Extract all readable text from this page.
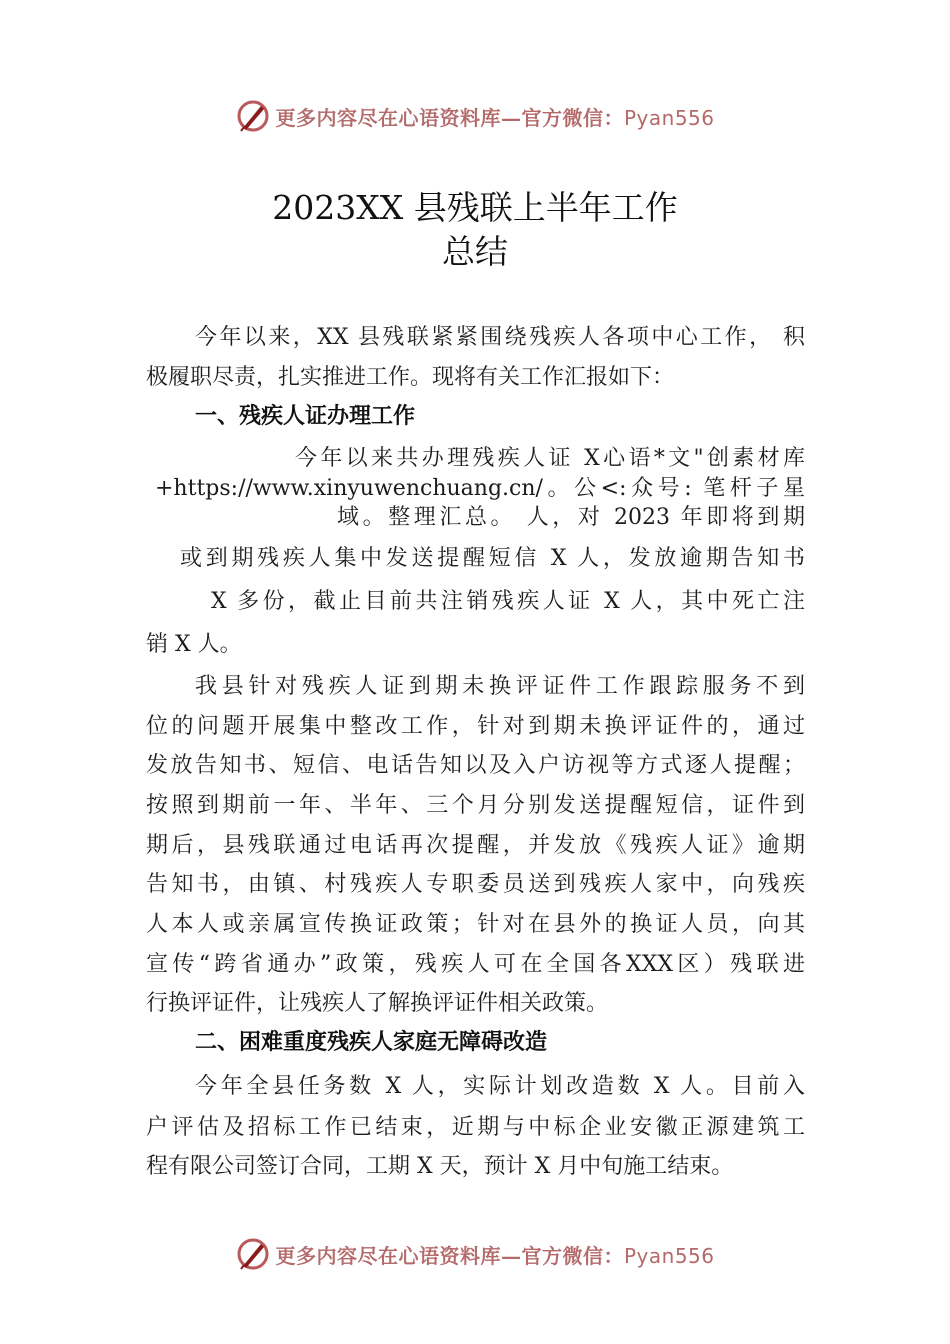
更多内容尽在心语资料库—官方微信：Pyan556
2023XX 县残联上半年工作
总结
今年以来，XX 县残联紧紧围绕残疾人各项中心工作， 积
极履职尽责，扎实推进工作。现将有关工作汇报如下：
一、残疾人证办理工作
今年以来共办理残疾人证 X心语*文"创素材库
+https://www.xinyuwenchuang.cn/。公<:众号: 笔杆子星
域。整理汇总。 人，对 2023 年即将到期
或到期残疾人集中发送提醒短信 X 人，发放逾期告知书
X 多份，截止目前共注销残疾人证 X 人，其中死亡注
销 X 人。
我县针对残疾人证到期未换评证件工作跟踪服务不到
位的问题开展集中整改工作，针对到期未换评证件的，通过
发放告知书、短信、电话告知以及入户访视等方式逐人提醒；
按照到期前一年、半年、三个月分别发送提醒短信，证件到
期后，县残联通过电话再次提醒，并发放《残疾人证》逾期
告知书，由镇、村残疾人专职委员送到残疾人家中，向残疾
人本人或亲属宣传换证政策；针对在县外的换证人员，向其
宣传“跨省通办”政策，残疾人可在全国各XXX区）残联进
行换评证件，让残疾人了解换评证件相关政策。
二、困难重度残疾人家庭无障碍改造
今年全县任务数 X 人，实际计划改造数 X 人。目前入
户评估及招标工作已结束，近期与中标企业安徽正源建筑工
程有限公司签订合同，工期 X 天，预计 X 月中旬施工结束。
更多内容尽在心语资料库—官方微信：Pyan556
